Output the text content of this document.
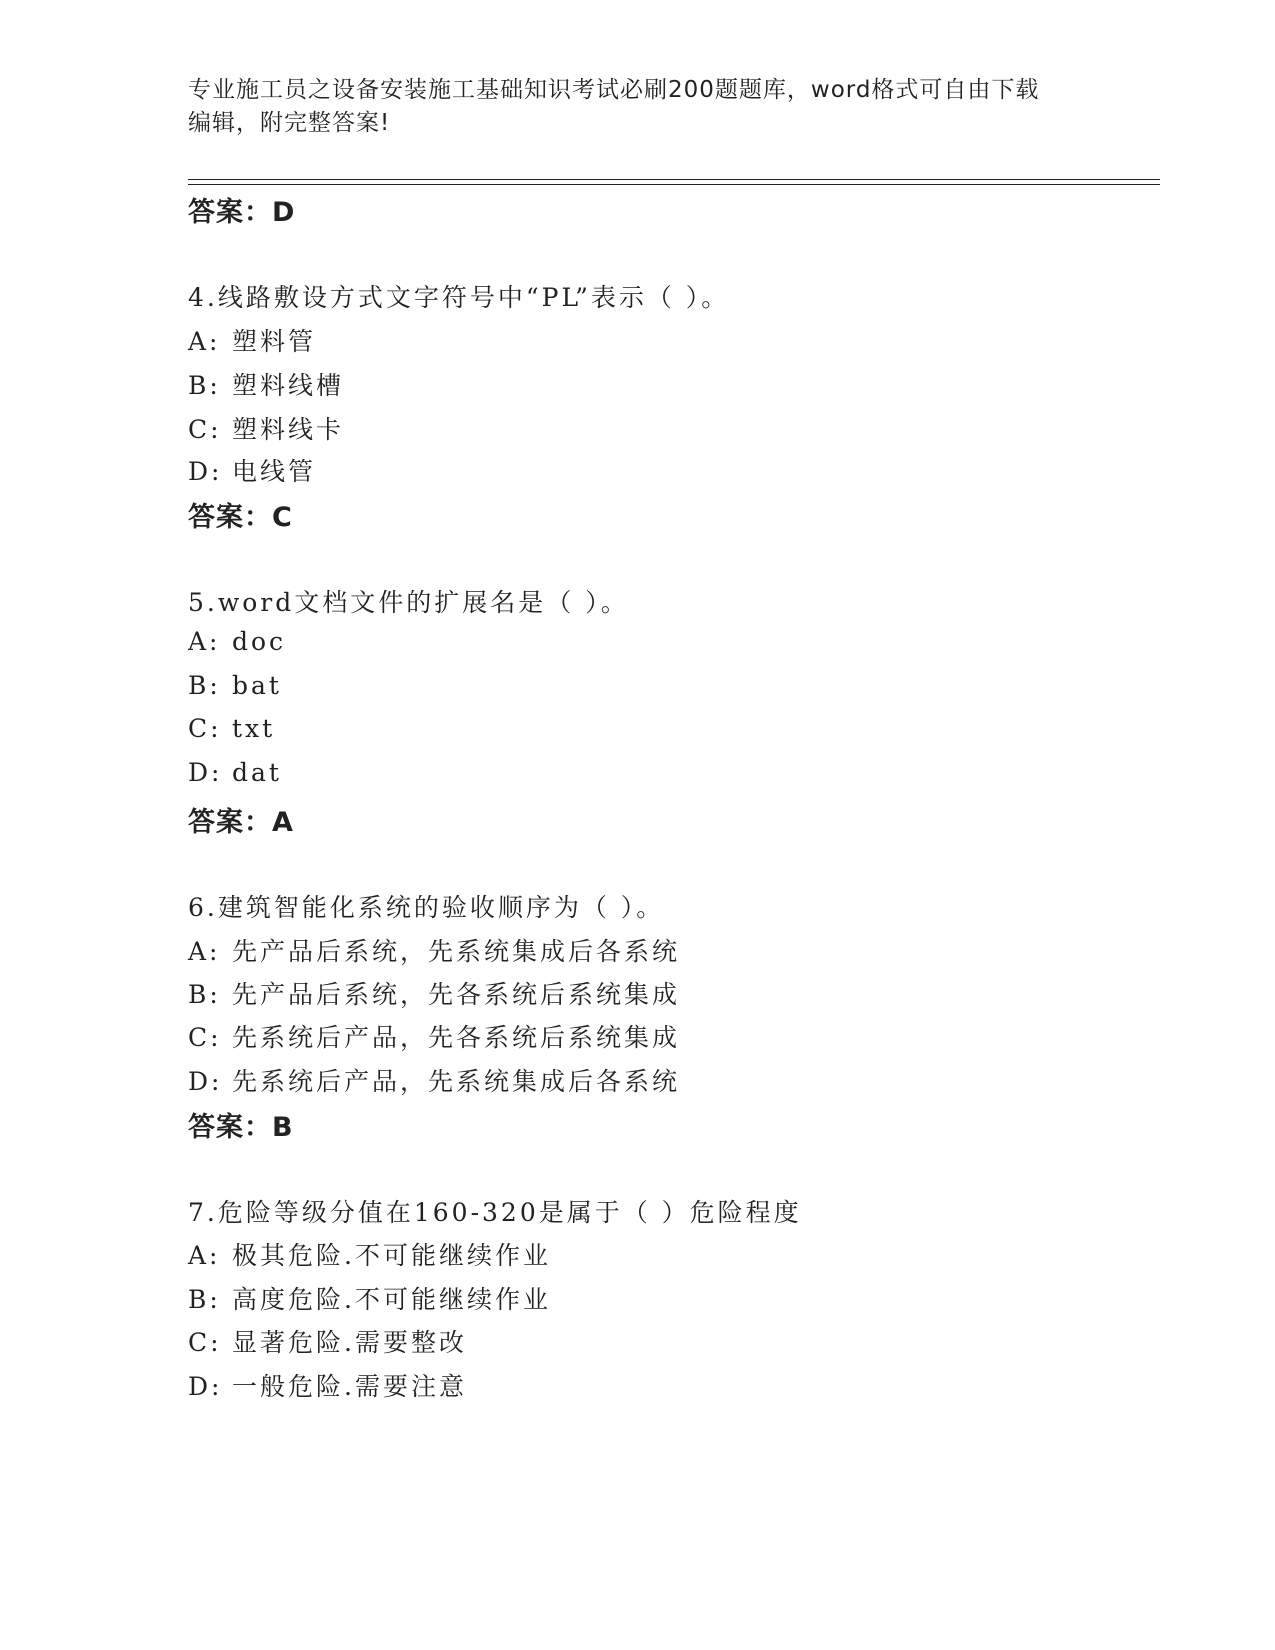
专业施工员之设备安装施工基础知识考试必刷200题题库，word格式可自由下载
编辑，附完整答案!
答案：D
4.线路敷设方式文字符号中“PL”表示（ ）。
A: 塑料管
B: 塑料线槽
C: 塑料线卡
D: 电线管
答案：C
5.word文档文件的扩展名是（ ）。
A: doc
B: bat
C: txt
D: dat
答案：A
6.建筑智能化系统的验收顺序为（ ）。
A: 先产品后系统，先系统集成后各系统
B: 先产品后系统，先各系统后系统集成
C: 先系统后产品，先各系统后系统集成
D: 先系统后产品，先系统集成后各系统
答案：B
7.危险等级分值在160-320是属于（ ）危险程度
A: 极其危险.不可能继续作业
B: 高度危险.不可能继续作业
C: 显著危险.需要整改
D: 一般危险.需要注意
